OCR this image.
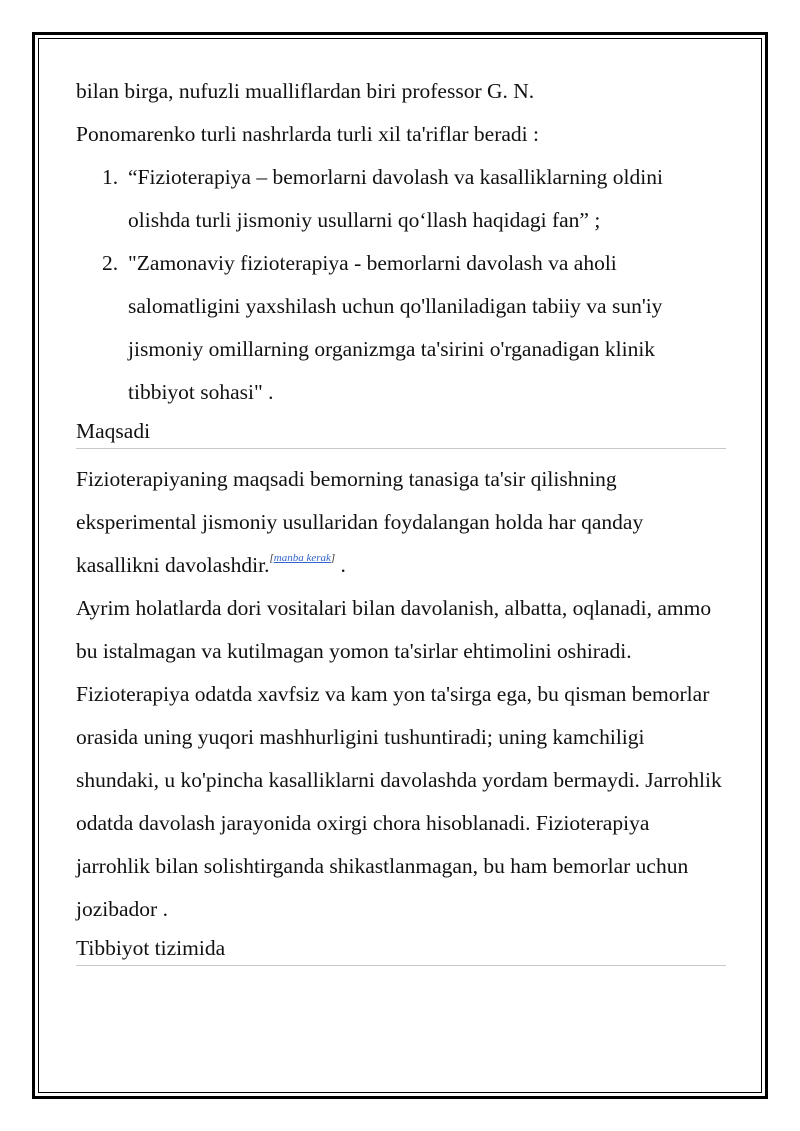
bilan birga, nufuzli mualliflardan biri professor G. N.

Ponomarenko turli nashrlarda turli xil ta'riflar beradi :

1. “Fizioterapiya – bemorlarni davolash va kasalliklarning oldini olishda turli jismoniy usullarni qo‘llash haqidagi fan” ;
2. "Zamonaviy fizioterapiya - bemorlarni davolash va aholi salomatligini yaxshilash uchun qo'llaniladigan tabiiy va sun'iy jismoniy omillarning organizmga ta'sirini o'rganadigan klinik tibbiyot sohasi" .
Maqsadi

Fizioterapiyaning maqsadi bemorning tanasiga ta'sir qilishning eksperimental jismoniy usullaridan foydalangan holda har qanday kasallikni davolashdir.[manba kerak] .

Ayrim holatlarda dori vositalari bilan davolanish, albatta, oqlanadi, ammo bu istalmagan va kutilmagan yomon ta'sirlar ehtimolini oshiradi. Fizioterapiya odatda xavfsiz va kam yon ta'sirga ega, bu qisman bemorlar orasida uning yuqori mashhurligini tushuntiradi; uning kamchiligi shundaki, u ko'pincha kasalliklarni davolashda yordam bermaydi. Jarrohlik odatda davolash jarayonida oxirgi chora hisoblanadi. Fizioterapiya jarrohlik bilan solishtirganda shikastlanmagan, bu ham bemorlar uchun jozibador .

Tibbiyot tizimida
